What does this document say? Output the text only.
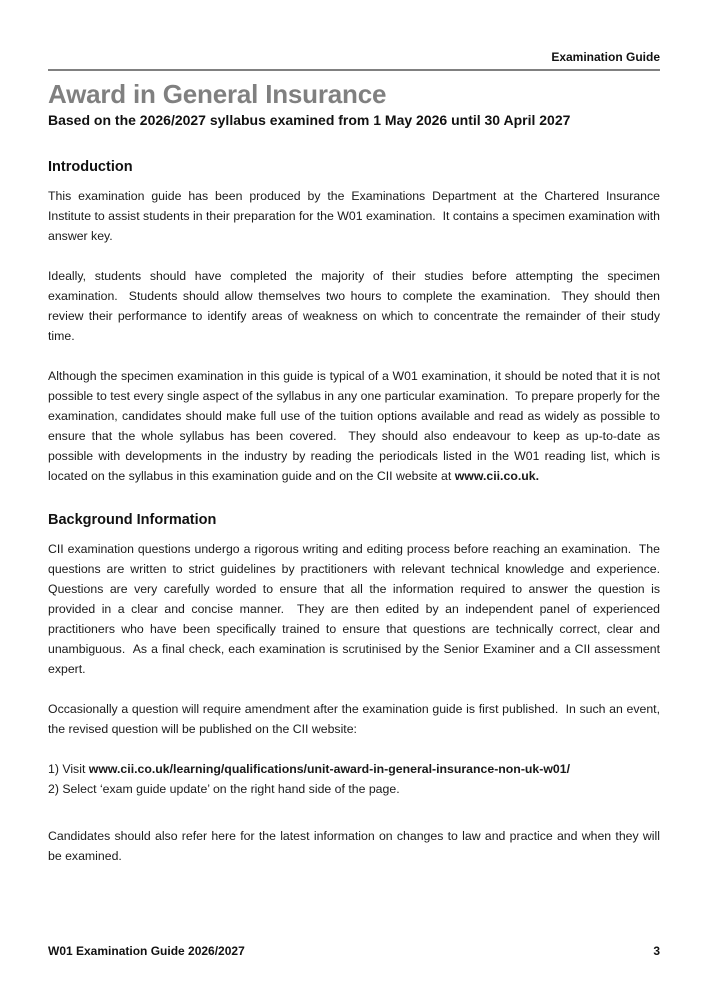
Examination Guide
Award in General Insurance
Based on the 2026/2027 syllabus examined from 1 May 2026 until 30 April 2027
Introduction
This examination guide has been produced by the Examinations Department at the Chartered Insurance Institute to assist students in their preparation for the W01 examination.  It contains a specimen examination with answer key.
Ideally, students should have completed the majority of their studies before attempting the specimen examination.  Students should allow themselves two hours to complete the examination.  They should then review their performance to identify areas of weakness on which to concentrate the remainder of their study time.
Although the specimen examination in this guide is typical of a W01 examination, it should be noted that it is not possible to test every single aspect of the syllabus in any one particular examination.  To prepare properly for the examination, candidates should make full use of the tuition options available and read as widely as possible to ensure that the whole syllabus has been covered.  They should also endeavour to keep as up-to-date as possible with developments in the industry by reading the periodicals listed in the W01 reading list, which is located on the syllabus in this examination guide and on the CII website at www.cii.co.uk.
Background Information
CII examination questions undergo a rigorous writing and editing process before reaching an examination.  The questions are written to strict guidelines by practitioners with relevant technical knowledge and experience.  Questions are very carefully worded to ensure that all the information required to answer the question is provided in a clear and concise manner.  They are then edited by an independent panel of experienced practitioners who have been specifically trained to ensure that questions are technically correct, clear and unambiguous.  As a final check, each examination is scrutinised by the Senior Examiner and a CII assessment expert.
Occasionally a question will require amendment after the examination guide is first published.  In such an event, the revised question will be published on the CII website:
1) Visit www.cii.co.uk/learning/qualifications/unit-award-in-general-insurance-non-uk-w01/
2) Select ‘exam guide update’ on the right hand side of the page.
Candidates should also refer here for the latest information on changes to law and practice and when they will be examined.
W01 Examination Guide 2026/2027	3
